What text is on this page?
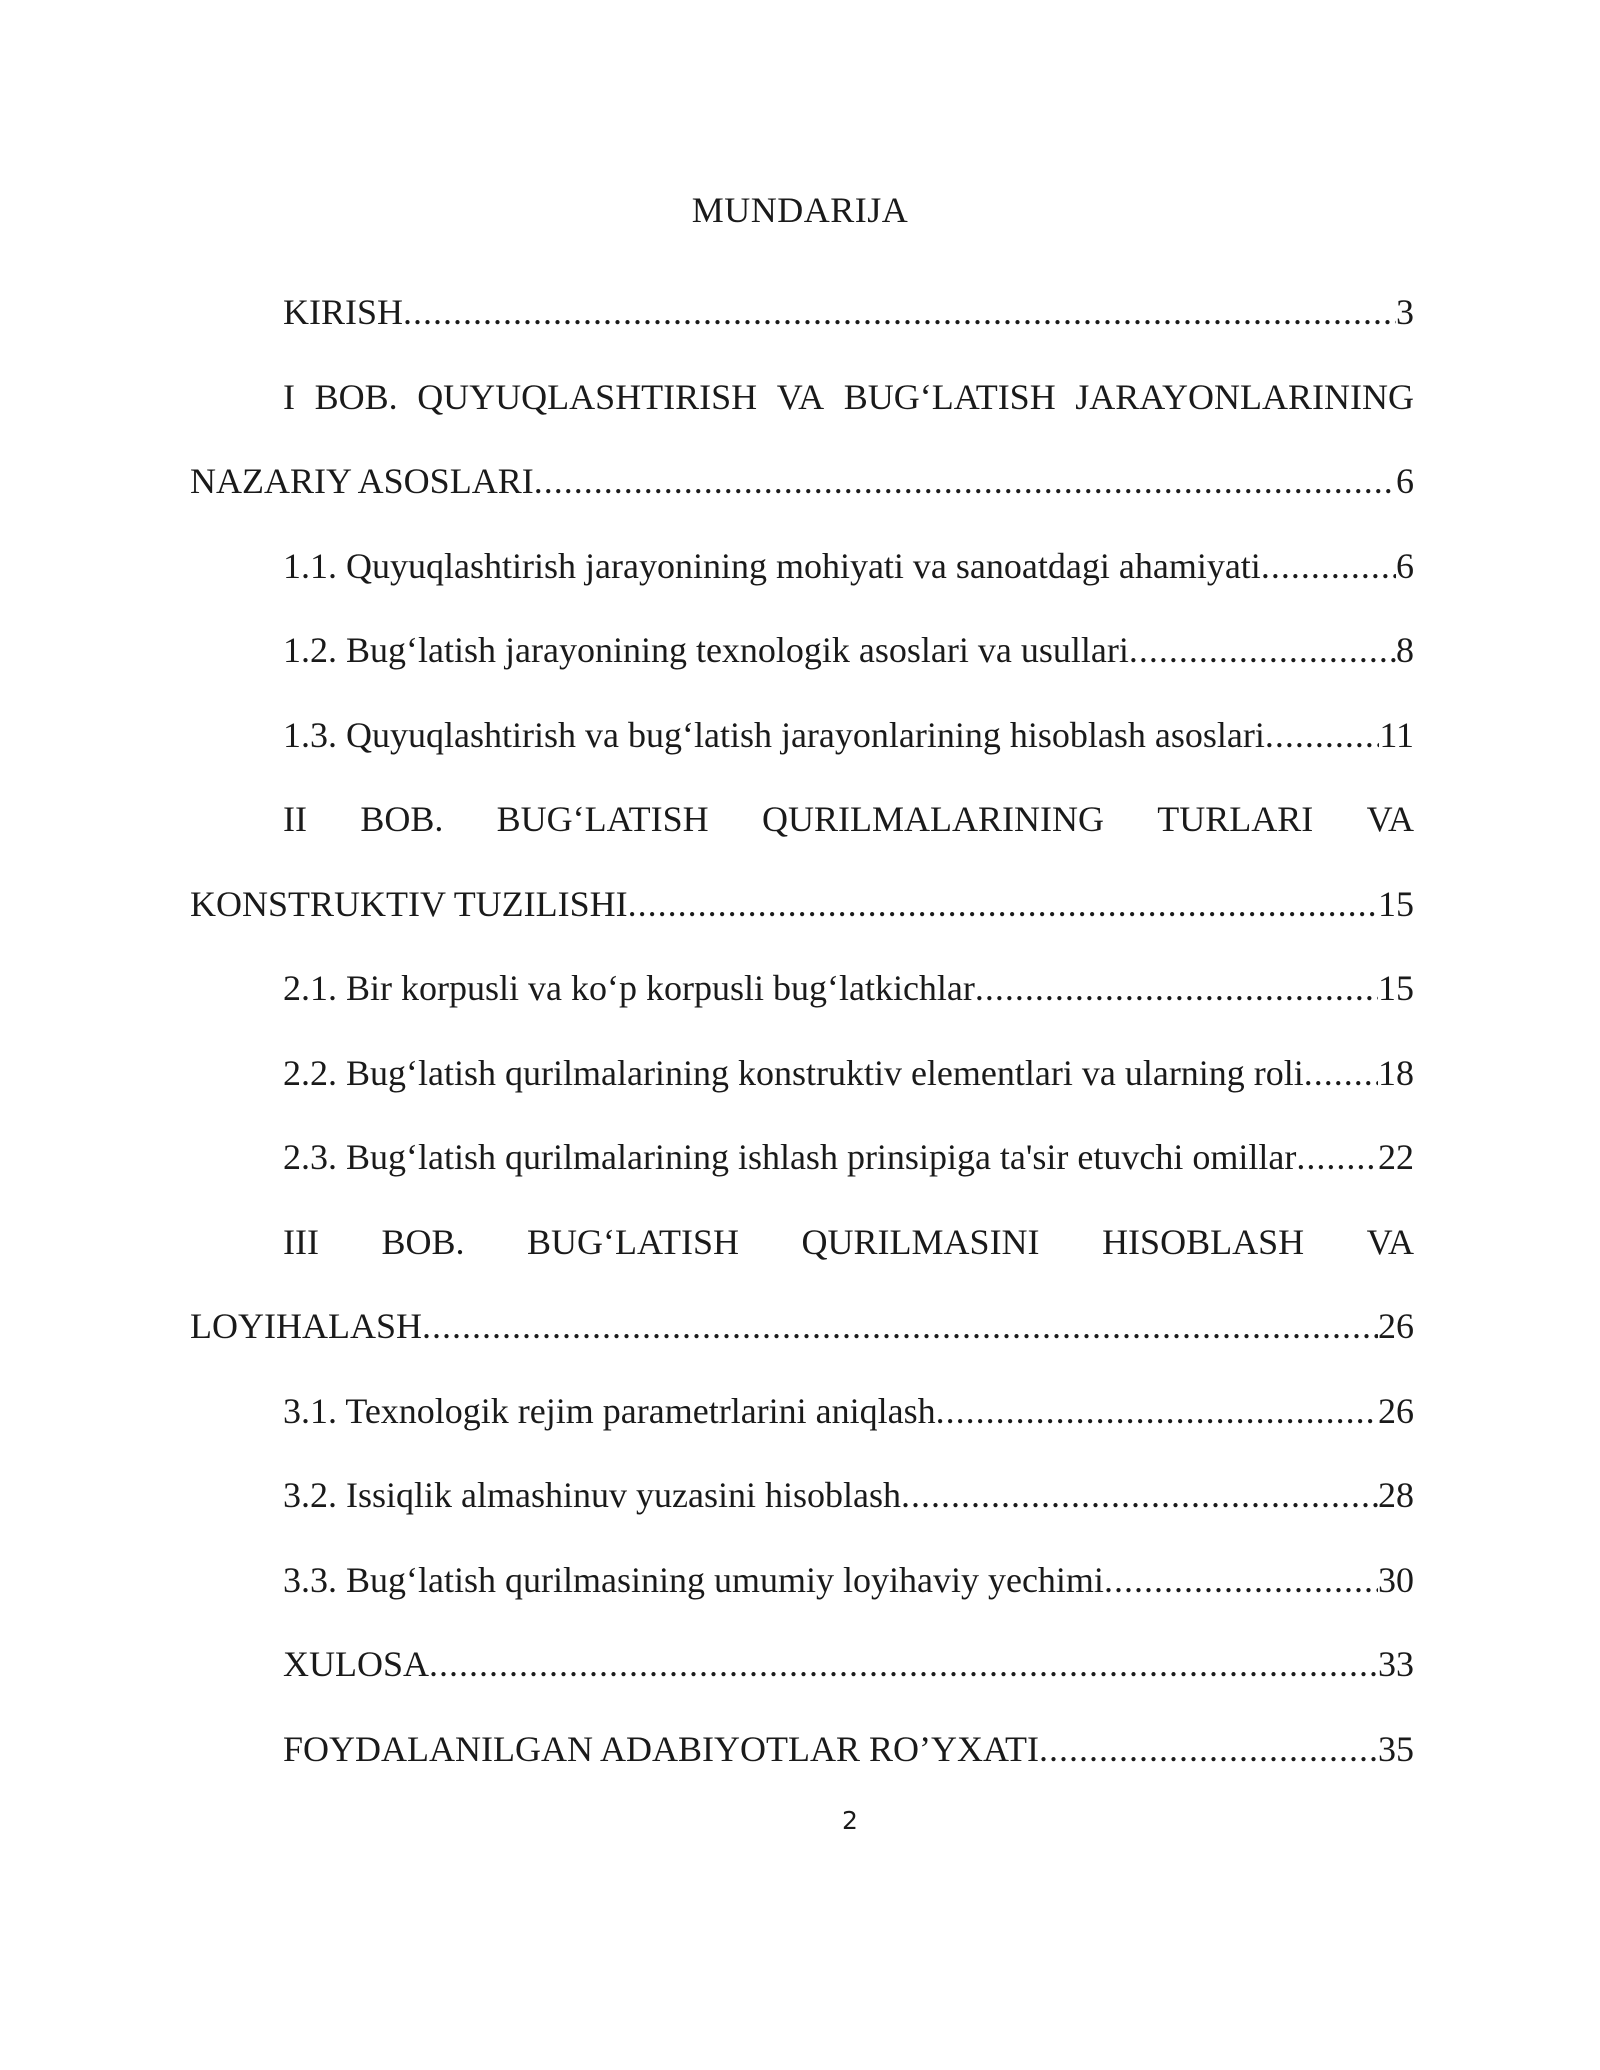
MUNDARIJA
KIRISH .....	3
I BOB. QUYUQLASHTIRISH VA BUG‘LATISH JARAYONLARINING
NAZARIY ASOSLARI .....	6
1.1. Quyuqlashtirish jarayonining mohiyati va sanoatdagi ahamiyati .....	6
1.2. Bug‘latish jarayonining texnologik asoslari va usullari .....	8
1.3. Quyuqlashtirish va bug‘latish jarayonlarining hisoblash asoslari .....	11
II BOB. BUG‘LATISH QURILMALARINING TURLARI VA
KONSTRUKTIV TUZILISHI .....	15
2.1. Bir korpusli va ko‘p korpusli bug‘latkichlar .....	15
2.2. Bug‘latish qurilmalarining konstruktiv elementlari va ularning roli ..... 18
2.3. Bug‘latish qurilmalarining ishlash prinsipiga ta'sir etuvchi omillar ..... 22
III BOB. BUG‘LATISH QURILMASINI HISOBLASH VA
LOYIHALASH .....	26
3.1. Texnologik rejim parametrlarini aniqlash .....	26
3.2. Issiqlik almashinuv yuzasini hisoblash .....	28
3.3. Bug‘latish qurilmasining umumiy loyihaviy yechimi .....	30
XULOSA .....	33
FOYDALANILGAN ADABIYOTLAR RO’YXATI .....	35
2
